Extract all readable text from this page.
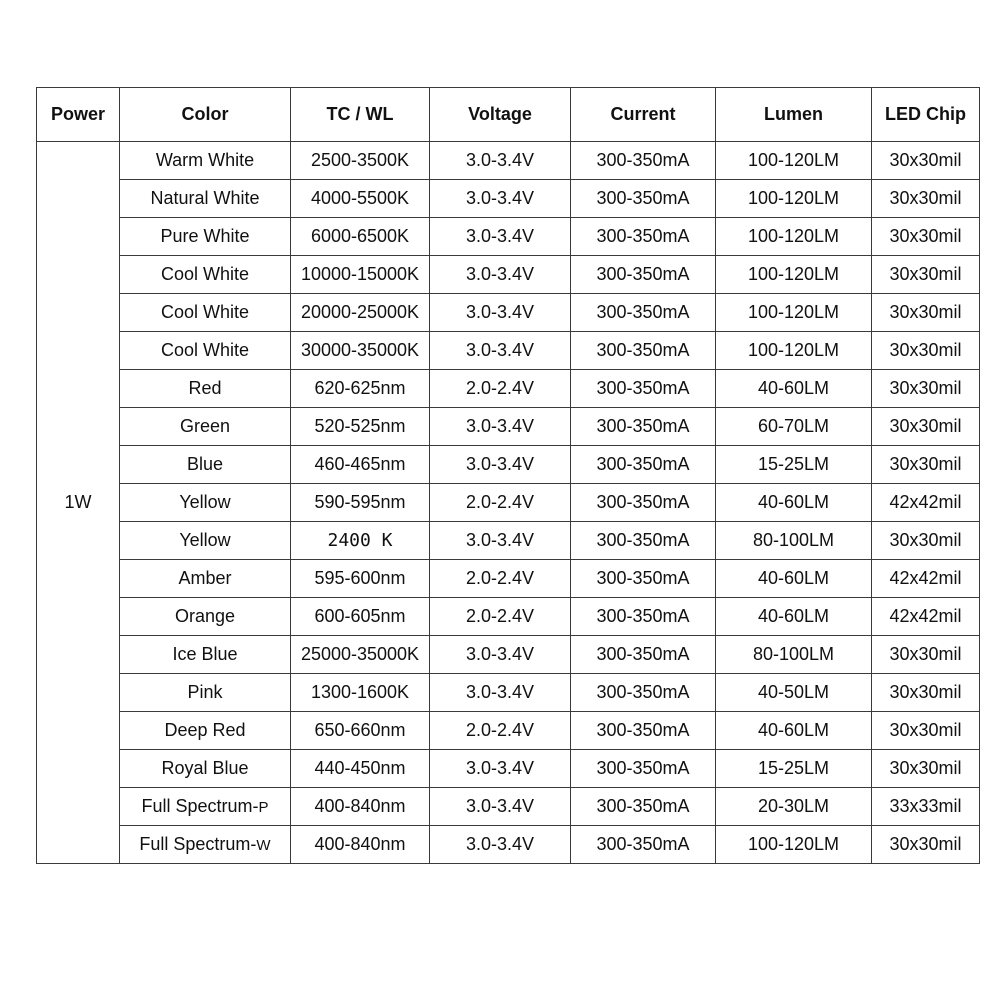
Power	Color	TC / WL	Voltage	Current	Lumen	LED Chip
1W	Warm White	2500-3500K	3.0-3.4V	300-350mA	100-120LM	30x30mil
	Natural White	4000-5500K	3.0-3.4V	300-350mA	100-120LM	30x30mil
	Pure White	6000-6500K	3.0-3.4V	300-350mA	100-120LM	30x30mil
	Cool White	10000-15000K	3.0-3.4V	300-350mA	100-120LM	30x30mil
	Cool White	20000-25000K	3.0-3.4V	300-350mA	100-120LM	30x30mil
	Cool White	30000-35000K	3.0-3.4V	300-350mA	100-120LM	30x30mil
	Red	620-625nm	2.0-2.4V	300-350mA	40-60LM	30x30mil
	Green	520-525nm	3.0-3.4V	300-350mA	60-70LM	30x30mil
	Blue	460-465nm	3.0-3.4V	300-350mA	15-25LM	30x30mil
	Yellow	590-595nm	2.0-2.4V	300-350mA	40-60LM	42x42mil
	Yellow	2400 K	3.0-3.4V	300-350mA	80-100LM	30x30mil
	Amber	595-600nm	2.0-2.4V	300-350mA	40-60LM	42x42mil
	Orange	600-605nm	2.0-2.4V	300-350mA	40-60LM	42x42mil
	Ice Blue	25000-35000K	3.0-3.4V	300-350mA	80-100LM	30x30mil
	Pink	1300-1600K	3.0-3.4V	300-350mA	40-50LM	30x30mil
	Deep Red	650-660nm	2.0-2.4V	300-350mA	40-60LM	30x30mil
	Royal Blue	440-450nm	3.0-3.4V	300-350mA	15-25LM	30x30mil
	Full Spectrum-P	400-840nm	3.0-3.4V	300-350mA	20-30LM	33x33mil
	Full Spectrum-W	400-840nm	3.0-3.4V	300-350mA	100-120LM	30x30mil
